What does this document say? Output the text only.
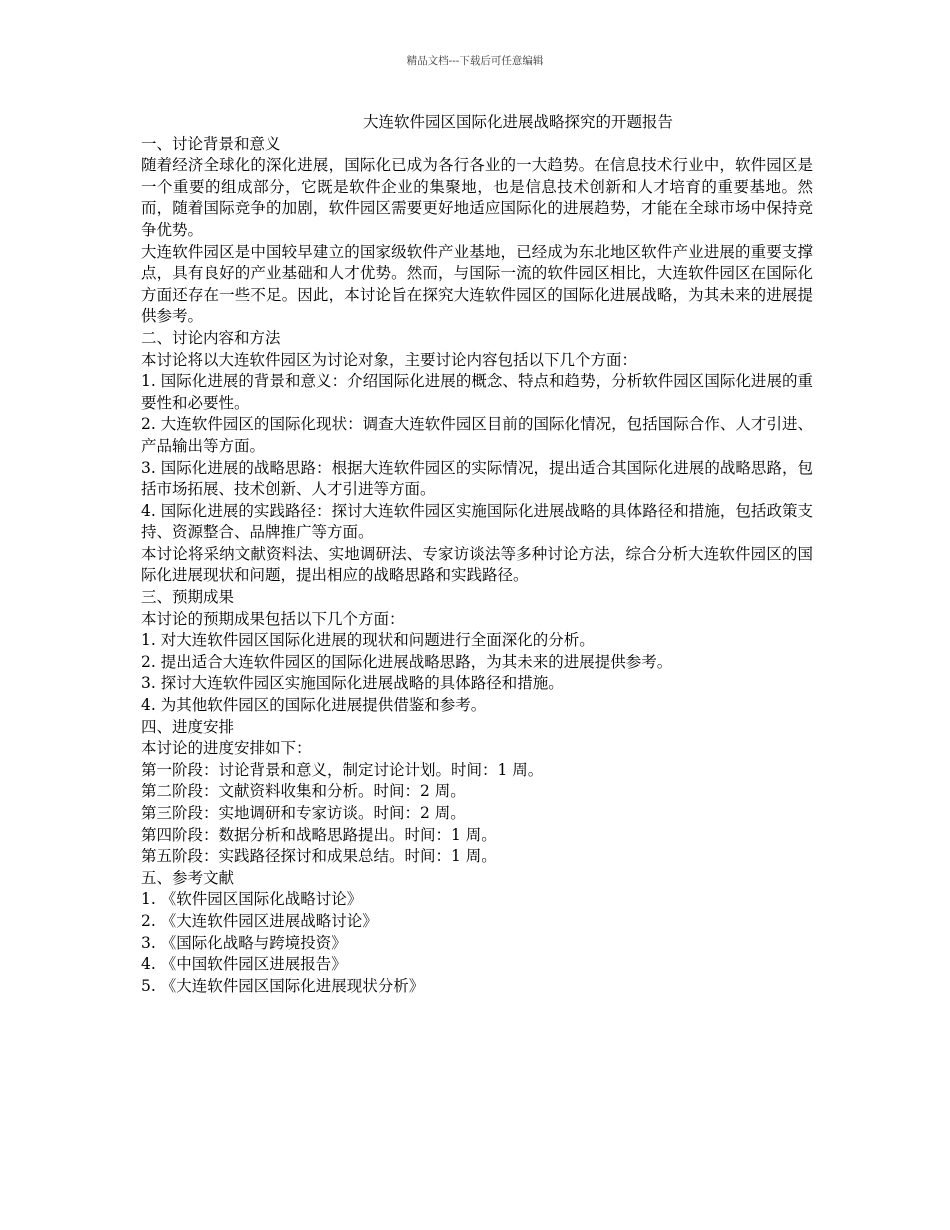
精品文档---下载后可任意编辑
大连软件园区国际化进展战略探究的开题报告

一、讨论背景和意义

随着经济全球化的深化进展，国际化已成为各行各业的一大趋势。在信息技术行业中，软件园区是一个重要的组成部分，它既是软件企业的集聚地，也是信息技术创新和人才培育的重要基地。然而，随着国际竞争的加剧，软件园区需要更好地适应国际化的进展趋势，才能在全球市场中保持竞争优势。

大连软件园区是中国较早建立的国家级软件产业基地，已经成为东北地区软件产业进展的重要支撑点，具有良好的产业基础和人才优势。然而，与国际一流的软件园区相比，大连软件园区在国际化方面还存在一些不足。因此，本讨论旨在探究大连软件园区的国际化进展战略，为其未来的进展提供参考。

二、讨论内容和方法

本讨论将以大连软件园区为讨论对象，主要讨论内容包括以下几个方面：

1. 国际化进展的背景和意义：介绍国际化进展的概念、特点和趋势，分析软件园区国际化进展的重要性和必要性。

2. 大连软件园区的国际化现状：调查大连软件园区目前的国际化情况，包括国际合作、人才引进、产品输出等方面。

3. 国际化进展的战略思路：根据大连软件园区的实际情况，提出适合其国际化进展的战略思路，包括市场拓展、技术创新、人才引进等方面。

4. 国际化进展的实践路径：探讨大连软件园区实施国际化进展战略的具体路径和措施，包括政策支持、资源整合、品牌推广等方面。

本讨论将采纳文献资料法、实地调研法、专家访谈法等多种讨论方法，综合分析大连软件园区的国际化进展现状和问题，提出相应的战略思路和实践路径。

三、预期成果

本讨论的预期成果包括以下几个方面：

1. 对大连软件园区国际化进展的现状和问题进行全面深化的分析。

2. 提出适合大连软件园区的国际化进展战略思路，为其未来的进展提供参考。

3. 探讨大连软件园区实施国际化进展战略的具体路径和措施。

4. 为其他软件园区的国际化进展提供借鉴和参考。

四、进度安排

本讨论的进度安排如下：

第一阶段：讨论背景和意义，制定讨论计划。时间：1 周。

第二阶段：文献资料收集和分析。时间：2 周。

第三阶段：实地调研和专家访谈。时间：2 周。

第四阶段：数据分析和战略思路提出。时间：1 周。

第五阶段：实践路径探讨和成果总结。时间：1 周。

五、参考文献

1. 《软件园区国际化战略讨论》

2. 《大连软件园区进展战略讨论》

3. 《国际化战略与跨境投资》

4. 《中国软件园区进展报告》

5. 《大连软件园区国际化进展现状分析》
